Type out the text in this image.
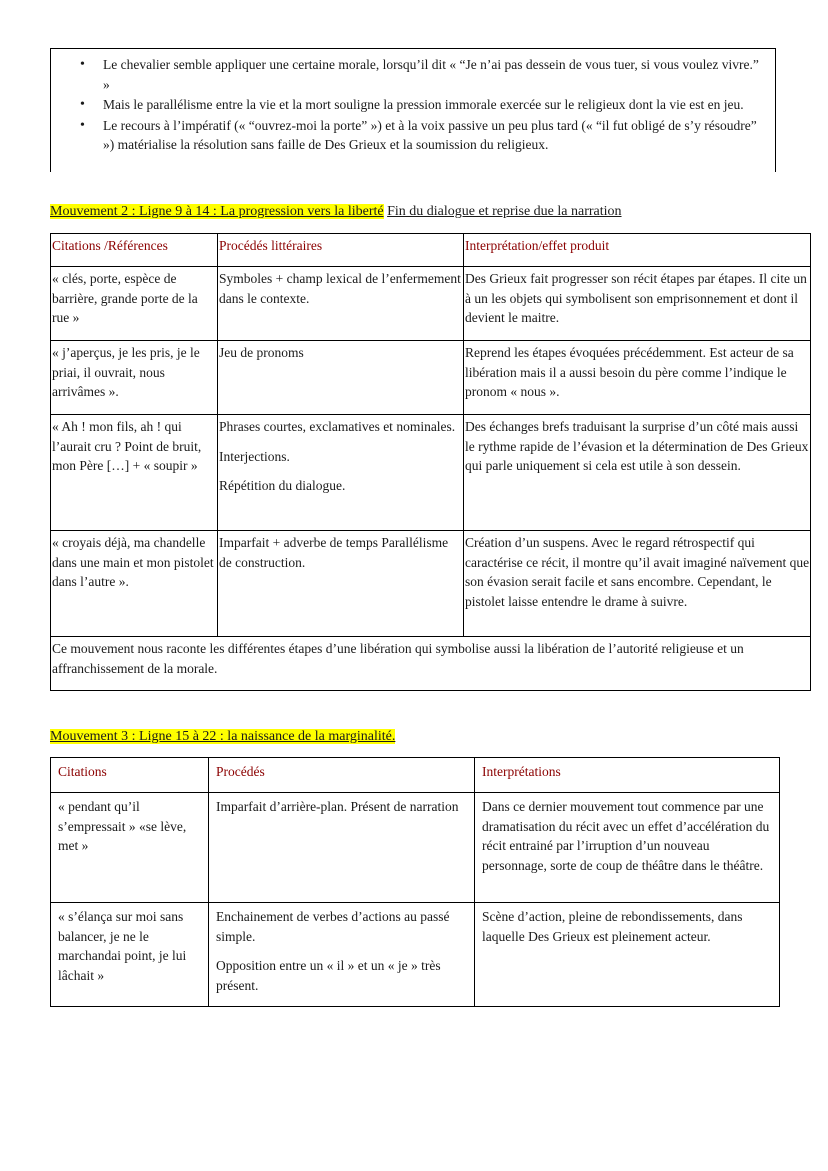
• Le chevalier semble appliquer une certaine morale, lorsqu’il dit « “Je n’ai pas dessein de vous tuer, si vous voulez vivre.” »
• Mais le parallélisme entre la vie et la mort souligne la pression immorale exercée sur le religieux dont la vie est en jeu.
• Le recours à l’impératif (« “ouvrez-moi la porte” ») et à la voix passive un peu plus tard (« “il fut obligé de s’y résoudre” ») matérialise la résolution sans faille de Des Grieux et la soumission du religieux.
Mouvement 2 : Ligne 9 à 14 : La progression vers la liberté Fin du dialogue et reprise due la narration
Citations /Références	Procédés littéraires	Interprétation/effet produit
« clés, porte, espèce de barrière, grande porte de la rue »	Symboles + champ lexical de l’enfermement dans le contexte.	Des Grieux fait progresser son récit étapes par étapes. Il cite un à un les objets qui symbolisent son emprisonnement et dont il devient le maitre.
« j’aperçus, je les pris, je le priai, il ouvrait, nous arrivâmes ».	Jeu de pronoms	Reprend les étapes évoquées précédemment. Est acteur de sa libération mais il a aussi besoin du père comme l’indique le pronom « nous ».
« Ah ! mon fils, ah ! qui l’aurait cru ? Point de bruit, mon Père […] + « soupir »	Phrases courtes, exclamatives et nominales.

Interjections.

Répétition du dialogue.	Des échanges brefs traduisant la surprise d’un côté mais aussi le rythme rapide de l’évasion et la détermination de Des Grieux qui parle uniquement si cela est utile à son dessein.
« croyais déjà, ma chandelle dans une main et mon pistolet dans l’autre ».	Imparfait + adverbe de temps Parallélisme de construction.	Création d’un suspens. Avec le regard rétrospectif qui caractérise ce récit, il montre qu’il avait imaginé naïvement que son évasion serait facile et sans encombre. Cependant, le pistolet laisse entendre le drame à suivre.
Ce mouvement nous raconte les différentes étapes d’une libération qui symbolise aussi la libération de l’autorité religieuse et un affranchissement de la morale.		
Mouvement 3 : Ligne 15 à 22 : la naissance de la marginalité.
Citations	Procédés	Interprétations
« pendant qu’il s’empressait » «se lève, met »	Imparfait d’arrière-plan. Présent de narration	Dans ce dernier mouvement tout commence par une dramatisation du récit avec un effet d’accélération du récit entrainé par l’irruption d’un nouveau personnage, sorte de coup de théâtre dans le théâtre.
« s’élança sur moi sans balancer, je ne le marchandai point, je lui lâchait »	Enchainement de verbes d’actions au passé simple.

Opposition entre un « il » et un « je » très présent.	Scène d’action, pleine de rebondissements, dans laquelle Des Grieux est pleinement acteur.
